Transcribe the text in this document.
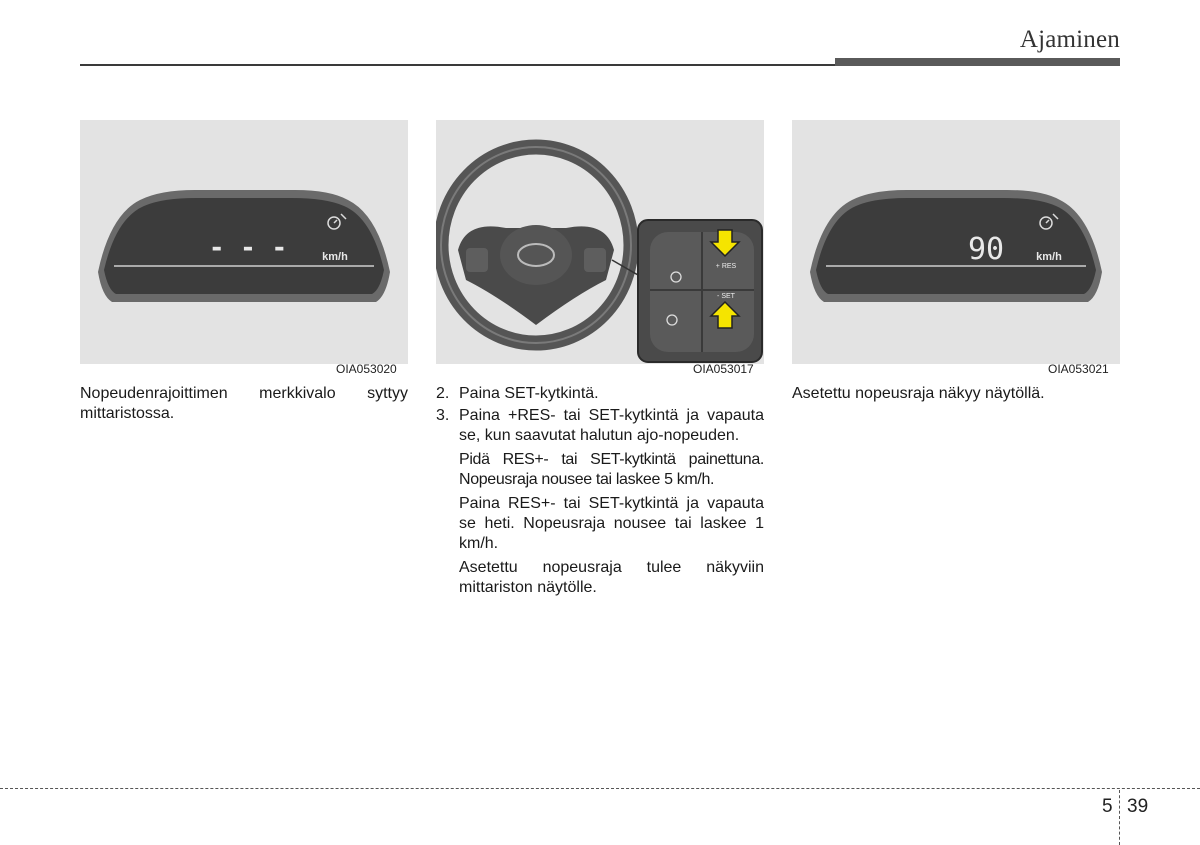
Ajaminen
- - -	km/h
OIA053020
+ RES
- SET
OIA053017
90	km/h
OIA053021
Nopeudenrajoittimen merkkivalo syttyy mittaristossa.
2. Paina SET-kytkintä.
3. Paina +RES- tai SET-kytkintä ja vapauta se, kun saavutat halutun ajo-nopeuden.
Pidä RES+- tai SET-kytkintä painettuna. Nopeusraja nousee tai laskee 5 km/h.
Paina RES+- tai SET-kytkintä ja vapauta se heti. Nopeusraja nousee tai laskee 1 km/h.
Asetettu nopeusraja tulee näkyviin mittariston näytölle.
Asetettu nopeusraja näkyy näytöllä.
5 39
